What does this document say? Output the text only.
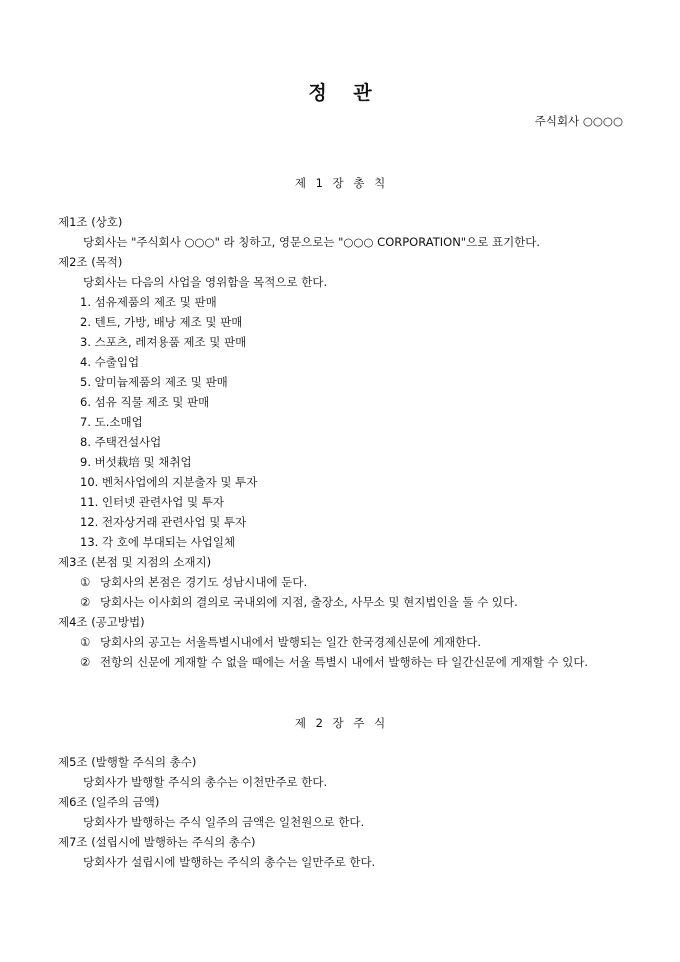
정 관
주식회사 ○○○○
제 1 장 총 칙
제1조 (상호)
당회사는 "주식회사 ○○○" 라 칭하고, 영문으로는 "○○○ CORPORATION"으로 표기한다.
제2조 (목적)
당회사는 다음의 사업을 영위함을 목적으로 한다.
1. 섬유제품의 제조 및 판매
2. 텐트, 가방, 배낭 제조 및 판매
3. 스포츠, 레져용품 제조 및 판매
4. 수출입업
5. 알미늄제품의 제조 및 판매
6. 섬유 직물 제조 및 판매
7. 도.소매업
8. 주택건설사업
9. 버섯栽培 및 채취업
10. 벤처사업에의 지분출자 및 투자
11. 인터넷 관련사업 및 투자
12. 전자상거래 관련사업 및 투자
13. 각 호에 부대되는 사업일체
제3조 (본점 및 지점의 소재지)
① 당회사의 본점은 경기도 성남시내에 둔다.
② 당회사는 이사회의 결의로 국내외에 지점, 출장소, 사무소 및 현지법인을 둘 수 있다.
제4조 (공고방법)
① 당회사의 공고는 서울특별시내에서 발행되는 일간 한국경제신문에 게재한다.
② 전항의 신문에 게재할 수 없을 때에는 서울 특별시 내에서 발행하는 타 일간신문에 게재할 수 있다.
제 2 장 주 식
제5조 (발행할 주식의 총수)
당회사가 발행할 주식의 총수는 이천만주로 한다.
제6조 (일주의 금액)
당회사가 발행하는 주식 일주의 금액은 일천원으로 한다.
제7조 (설립시에 발행하는 주식의 총수)
당회사가 설립시에 발행하는 주식의 총수는 일만주로 한다.
